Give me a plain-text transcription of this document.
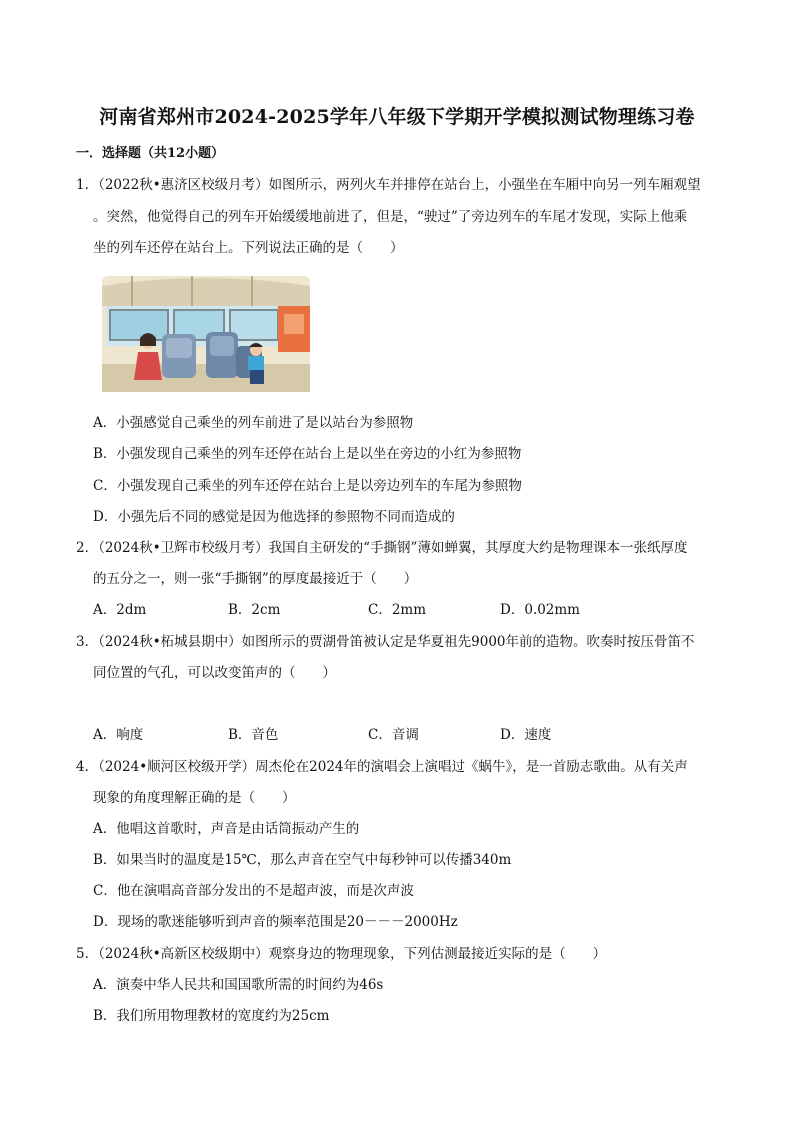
河南省郑州市2024-2025学年八年级下学期开学模拟测试物理练习卷
一．选择题（共12小题）
1．（2022秋•惠济区校级月考）如图所示，两列火车并排停在站台上，小强坐在车厢中向另一列车厢观望
。突然，他觉得自己的列车开始缓缓地前进了，但是，“驶过”了旁边列车的车尾才发现，实际上他乘
坐的列车还停在站台上。下列说法正确的是（　　）
A．小强感觉自己乘坐的列车前进了是以站台为参照物
B．小强发现自己乘坐的列车还停在站台上是以坐在旁边的小红为参照物
C．小强发现自己乘坐的列车还停在站台上是以旁边列车的车尾为参照物
D．小强先后不同的感觉是因为他选择的参照物不同而造成的
2．（2024秋•卫辉市校级月考）我国自主研发的“手撕钢”薄如蝉翼，其厚度大约是物理课本一张纸厚度
的五分之一，则一张“手撕钢”的厚度最接近于（　　）
A．2dm	B．2cm	C．2mm	D．0.02mm
3．（2024秋•柘城县期中）如图所示的贾湖骨笛被认定是华夏祖先9000年前的造物。吹奏时按压骨笛不
同位置的气孔，可以改变笛声的（　　）
A．响度	B．音色	C．音调	D．速度
4．（2024•顺河区校级开学）周杰伦在2024年的演唱会上演唱过《蜗牛》，是一首励志歌曲。从有关声
现象的角度理解正确的是（　　）
A．他唱这首歌时，声音是由话筒振动产生的
B．如果当时的温度是15℃，那么声音在空气中每秒钟可以传播340m
C．他在演唱高音部分发出的不是超声波，而是次声波
D．现场的歌迷能够听到声音的频率范围是20－－－2000Hz
5．（2024秋•高新区校级期中）观察身边的物理现象，下列估测最接近实际的是（　　）
A．演奏中华人民共和国国歌所需的时间约为46s
B．我们所用物理教材的宽度约为25cm
